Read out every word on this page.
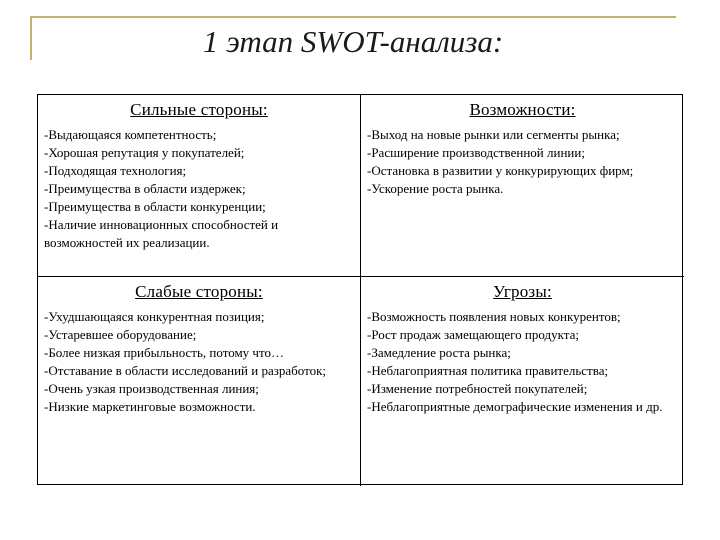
1 этап SWOT-анализа:
Сильные стороны:
-Выдающаяся компетентность;
-Хорошая репутация у покупателей;
-Подходящая технология;
-Преимущества в области издержек;
-Преимущества в области конкуренции;
-Наличие инновационных способностей и возможностей их реализации.
Возможности:
-Выход на новые рынки или сегменты рынка;
-Расширение производственной линии;
-Остановка в развитии у конкурирующих фирм;
-Ускорение роста рынка.
Слабые стороны:
-Ухудшающаяся конкурентная позиция;
-Устаревшее оборудование;
-Более низкая прибыльность, потому что…
-Отставание в области исследований и разработок;
-Очень узкая производственная линия;
-Низкие маркетинговые возможности.
Угрозы:
-Возможность появления новых конкурентов;
-Рост продаж замещающего продукта;
-Замедление роста рынка;
-Неблагоприятная политика правительства;
-Изменение потребностей покупателей;
-Неблагоприятные демографические изменения и др.
